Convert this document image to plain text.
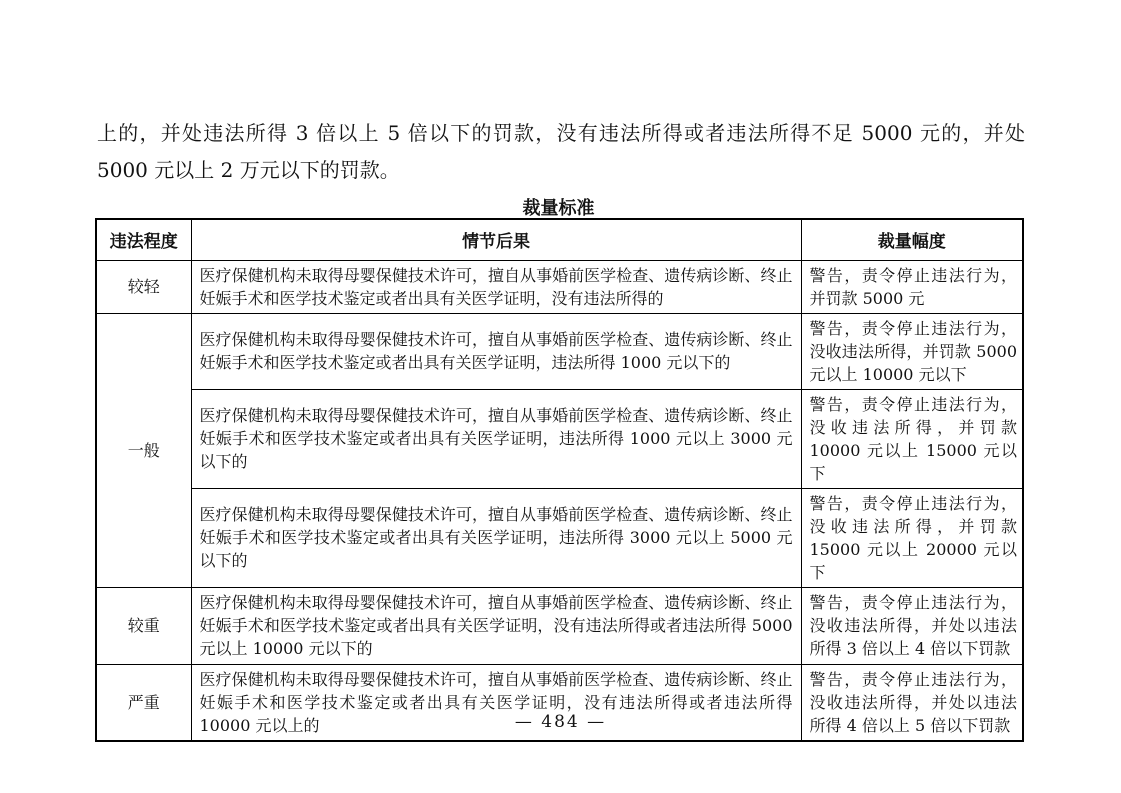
上的，并处违法所得 3 倍以上 5 倍以下的罚款，没有违法所得或者违法所得不足 5000 元的，并处 5000 元以上 2 万元以下的罚款。

裁量标准
违法程度	情节后果	裁量幅度
较轻	医疗保健机构未取得母婴保健技术许可，擅自从事婚前医学检查、遗传病诊断、终止妊娠手术和医学技术鉴定或者出具有关医学证明，没有违法所得的	警告，责令停止违法行为，并罚款 5000 元
一般	医疗保健机构未取得母婴保健技术许可，擅自从事婚前医学检查、遗传病诊断、终止妊娠手术和医学技术鉴定或者出具有关医学证明，违法所得 1000 元以下的	警告，责令停止违法行为，没收违法所得，并罚款 5000 元以上 10000 元以下
	医疗保健机构未取得母婴保健技术许可，擅自从事婚前医学检查、遗传病诊断、终止妊娠手术和医学技术鉴定或者出具有关医学证明，违法所得 1000 元以上 3000 元以下的	警告，责令停止违法行为，没收违法所得，并罚款 10000 元以上 15000 元以下
	医疗保健机构未取得母婴保健技术许可，擅自从事婚前医学检查、遗传病诊断、终止妊娠手术和医学技术鉴定或者出具有关医学证明，违法所得 3000 元以上 5000 元以下的	警告，责令停止违法行为，没收违法所得，并罚款 15000 元以上 20000 元以下
较重	医疗保健机构未取得母婴保健技术许可，擅自从事婚前医学检查、遗传病诊断、终止妊娠手术和医学技术鉴定或者出具有关医学证明，没有违法所得或者违法所得 5000 元以上 10000 元以下的	警告，责令停止违法行为，没收违法所得，并处以违法所得 3 倍以上 4 倍以下罚款
严重	医疗保健机构未取得母婴保健技术许可，擅自从事婚前医学检查、遗传病诊断、终止妊娠手术和医学技术鉴定或者出具有关医学证明，没有违法所得或者违法所得 10000 元以上的	警告，责令停止违法行为，没收违法所得，并处以违法所得 4 倍以上 5 倍以下罚款
— 484 —
